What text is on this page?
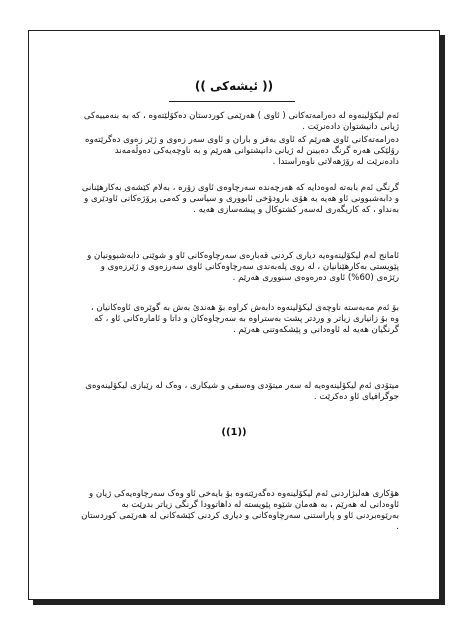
(( ئیشەکی ))

ئەم لیکۆلینەوە لە دەرامەتەکانی ( ئاوی ) هەرێمی کوردستان دەکۆلێتەوە ، کە بە بنەمییەکی ژیانی دانیشتوان دادەنرێت .

دەرامەتەکانی ئاوی هەرێم کە ئاوی بەفر و باران و ئاوی سەر زەوی و ژێر زەوی دەگرێتەوە رۆلێکی هەرە گرنگ دەبینن لە ژیانی دانیشتوانی هەرێم و بە ناوچەیەکی دەوڵەمەند دادەنرێت لە رۆژهەلاتی ناوەراستدا .

گرنگی ئەم بابەتە لەوەدایە کە هەرچەندە سەرچاوەی ئاوی زۆرە ، بەلام کێشەی بەکارهێنانی و دابەشبوونی ئاو هەیە بە هۆی بارودۆخی ئابووری و سیاسی و کەمی پرۆژەکانی ئاودێری و بەنداو ، کە کاریگەری لەسەر کشتوکال و پیشەسازی هەیە .

ئامانج لەم لیکۆلینەوەیە دیاری کردنی قەبارەی سەرچاوەکانی ئاو و شوێنی دابەشبوونیان و پێویستی بەکارهێنانیان ، لە روی پلەبەندی سەرچاوەکانی ئاوی سەرزەوی و ژێرزەوی و رێژەی (60%) ئاوی دەرەوەی سنووری هەرێم .

بۆ ئەم مەبەستە ناوچەی لیکۆلینەوە دابەش کراوە بۆ هەندێ بەش بە گوێرەی ئاوەکانیان ، وە بۆ زانیاری زیاتر و وردتر پشت بەستراوە بە سەرچاوەکان و داتا و ئامارەکانی ئاو ، کە گرنگیان هەیە لە ئاوەدانی و پێشکەوتنی هەرێم .

میتۆدی ئەم لیکۆلینەوەیە لە سەر میتۆدی وەسفی و شیکاری ، وەک لە رێبازی لیکۆلینەوەی جوگرافیای ئاو دەکرێت .

((1))

هۆکاری هەلبژاردنی ئەم لیکۆلینەوە دەگەرێتەوە بۆ بایەخی ئاو وەک سەرچاوەیەکی ژیان و ئاوەدانی لە هەرێم ، بە هەمان شێوە پێویستە لە داهاتوودا گرنگی زیاتر بدرێت بە بەرێوەبردنی ئاو و پاراستنی سەرچاوەکانی و دیاری کردنی کێشەکانی لە هەرێمی کوردستان .
